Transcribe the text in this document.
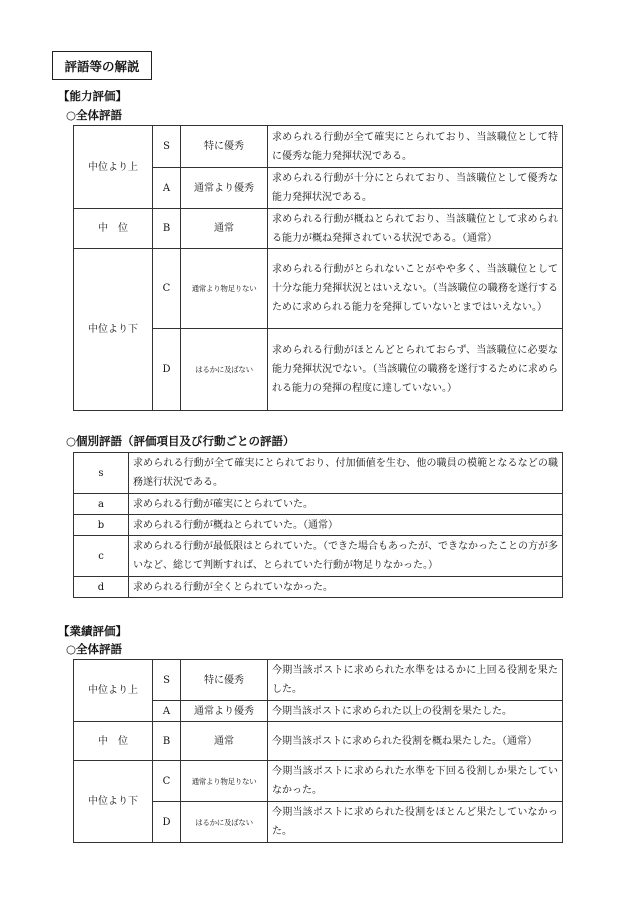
評語等の解説
【能力評価】
○全体評語
中位より上	S	特に優秀	求められる行動が全て確実にとられており、当該職位として特に優秀な能力発揮状況である。
	A	通常より優秀	求められる行動が十分にとられており、当該職位として優秀な能力発揮状況である。
中　位	B	通常	求められる行動が概ねとられており、当該職位として求められる能力が概ね発揮されている状況である。（通常）
中位より下	C	通常より物足りない	求められる行動がとられないことがやや多く、当該職位として十分な能力発揮状況とはいえない。（当該職位の職務を遂行するために求められる能力を発揮していないとまではいえない。）
	D	はるかに及ばない	求められる行動がほとんどとられておらず、当該職位に必要な能力発揮状況でない。（当該職位の職務を遂行するために求められる能力の発揮の程度に達していない。）
○個別評語（評価項目及び行動ごとの評語）
s	求められる行動が全て確実にとられており、付加価値を生む、他の職員の模範となるなどの職務遂行状況である。
a	求められる行動が確実にとられていた。
b	求められる行動が概ねとられていた。（通常）
c	求められる行動が最低限はとられていた。（できた場合もあったが、できなかったことの方が多いなど、総じて判断すれば、とられていた行動が物足りなかった。）
d	求められる行動が全くとられていなかった。
【業績評価】
○全体評語
中位より上	S	特に優秀	今期当該ポストに求められた水準をはるかに上回る役割を果たした。
	A	通常より優秀	今期当該ポストに求められた以上の役割を果たした。
中　位	B	通常	今期当該ポストに求められた役割を概ね果たした。（通常）
中位より下	C	通常より物足りない	今期当該ポストに求められた水準を下回る役割しか果たしていなかった。
	D	はるかに及ばない	今期当該ポストに求められた役割をほとんど果たしていなかった。
